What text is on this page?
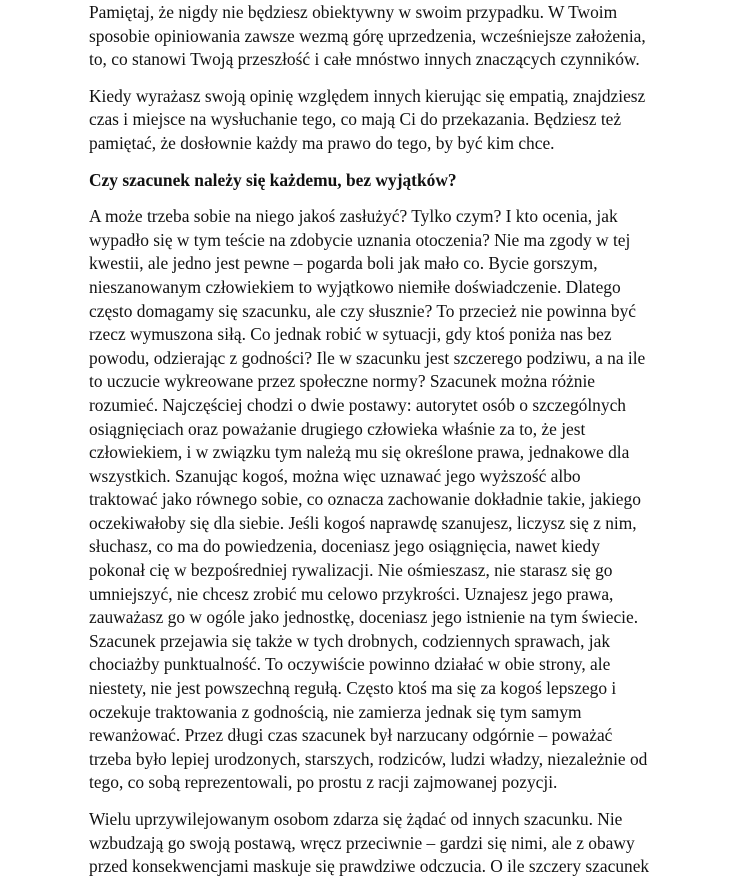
Pamiętaj, że nigdy nie będziesz obiektywny w swoim przypadku. W Twoim
sposobie opiniowania zawsze wezmą górę uprzedzenia, wcześniejsze założenia,
to, co stanowi Twoją przeszłość i całe mnóstwo innych znaczących czynników.

Kiedy wyrażasz swoją opinię względem innych kierując się empatią, znajdziesz
czas i miejsce na wysłuchanie tego, co mają Ci do przekazania. Będziesz też
pamiętać, że dosłownie każdy ma prawo do tego, by być kim chce.

Czy szacunek należy się każdemu, bez wyjątków?

A może trzeba sobie na niego jakoś zasłużyć? Tylko czym? I kto ocenia, jak
wypadło się w tym teście na zdobycie uznania otoczenia? Nie ma zgody w tej
kwestii, ale jedno jest pewne – pogarda boli jak mało co. Bycie gorszym,
nieszanowanym człowiekiem to wyjątkowo niemiłe doświadczenie. Dlatego
często domagamy się szacunku, ale czy słusznie? To przecież nie powinna być
rzecz wymuszona siłą. Co jednak robić w sytuacji, gdy ktoś poniża nas bez
powodu, odzierając z godności? Ile w szacunku jest szczerego podziwu, a na ile
to uczucie wykreowane przez społeczne normy? Szacunek można różnie
rozumieć. Najczęściej chodzi o dwie postawy: autorytet osób o szczególnych
osiągnięciach oraz poważanie drugiego człowieka właśnie za to, że jest
człowiekiem, i w związku tym należą mu się określone prawa, jednakowe dla
wszystkich. Szanując kogoś, można więc uznawać jego wyższość albo
traktować jako równego sobie, co oznacza zachowanie dokładnie takie, jakiego
oczekiwałoby się dla siebie. Jeśli kogoś naprawdę szanujesz, liczysz się z nim,
słuchasz, co ma do powiedzenia, doceniasz jego osiągnięcia, nawet kiedy
pokonał cię w bezpośredniej rywalizacji. Nie ośmieszasz, nie starasz się go
umniejszyć, nie chcesz zrobić mu celowo przykrości. Uznajesz jego prawa,
zauważasz go w ogóle jako jednostkę, doceniasz jego istnienie na tym świecie.
Szacunek przejawia się także w tych drobnych, codziennych sprawach, jak
chociażby punktualność. To oczywiście powinno działać w obie strony, ale
niestety, nie jest powszechną regułą. Często ktoś ma się za kogoś lepszego i
oczekuje traktowania z godnością, nie zamierza jednak się tym samym
rewanżować. Przez długi czas szacunek był narzucany odgórnie – poważać
trzeba było lepiej urodzonych, starszych, rodziców, ludzi władzy, niezależnie od
tego, co sobą reprezentowali, po prostu z racji zajmowanej pozycji.

Wielu uprzywilejowanym osobom zdarza się żądać od innych szacunku. Nie
wzbudzają go swoją postawą, wręcz przeciwnie – gardzi się nimi, ale z obawy
przed konsekwencjami maskuje się prawdziwe odczucia. O ile szczery szacunek
